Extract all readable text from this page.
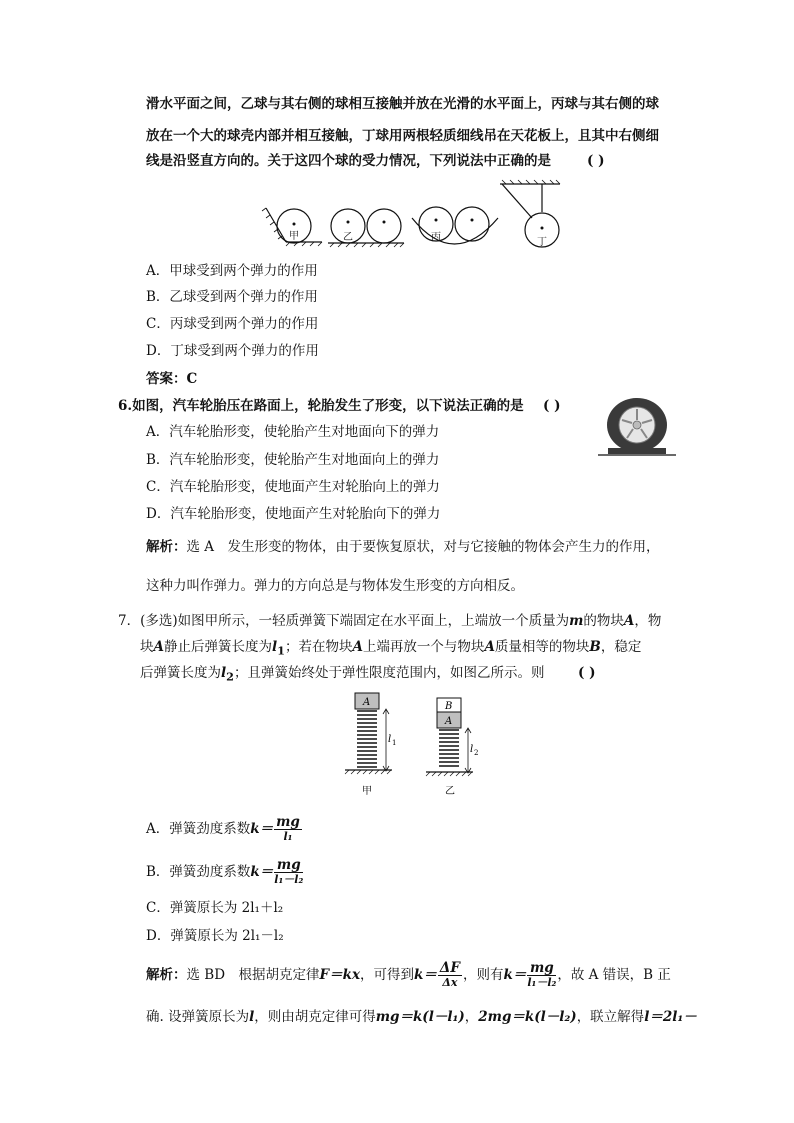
滑水平面之间，乙球与其右侧的球相互接触并放在光滑的水平面上，丙球与其右侧的球
放在一个大的球壳内部并相互接触，丁球用两根轻质细线吊在天花板上，且其中右侧细
线是沿竖直方向的。关于这四个球的受力情况，下列说法中正确的是	( )
甲	乙	丙	丁
A．甲球受到两个弹力的作用
B．乙球受到两个弹力的作用
C．丙球受到两个弹力的作用
D．丁球受到两个弹力的作用
答案：C
6.如图，汽车轮胎压在路面上，轮胎发生了形变，以下说法正确的是 ( )
A．汽车轮胎形变，使轮胎产生对地面向下的弹力
B．汽车轮胎形变，使轮胎产生对地面向上的弹力
C．汽车轮胎形变，使地面产生对轮胎向上的弹力
D．汽车轮胎形变，使地面产生对轮胎向下的弹力
解析：选 A　发生形变的物体，由于要恢复原状，对与它接触的物体会产生力的作用，
这种力叫作弹力。弹力的方向总是与物体发生形变的方向相反。
7．(多选)如图甲所示，一轻质弹簧下端固定在水平面上，上端放一个质量为m的物块A，物
块A静止后弹簧长度为$l_1$；若在物块A上端再放一个与物块A质量相等的物块B，稳定
后弹簧长度为$l_2$；且弹簧始终处于弹性限度范围内，如图乙所示。则 ( )
A
l 1
甲
B
A
l 2
乙
A．弹簧劲度系数$k= \frac{mg}{\text{l₁}}$
B．弹簧劲度系数$k= \frac{mg}{\text{l₁－l₂}}$
C．弹簧原长为 2l₁＋l₂
D．弹簧原长为 2l₁－l₂
解析：选 BD　根据胡克定律F＝kx，可得到$k= \frac{\Delta F}{\Delta x}$ ，则有$k= \frac{mg}{\text{l₁－l₂}}$ ，故 A 错误，B 正
确. 设弹簧原长为l，则由胡克定律可得mg＝k(l－l₁)，2mg＝k(l－l₂)，联立解得l＝2l₁－
